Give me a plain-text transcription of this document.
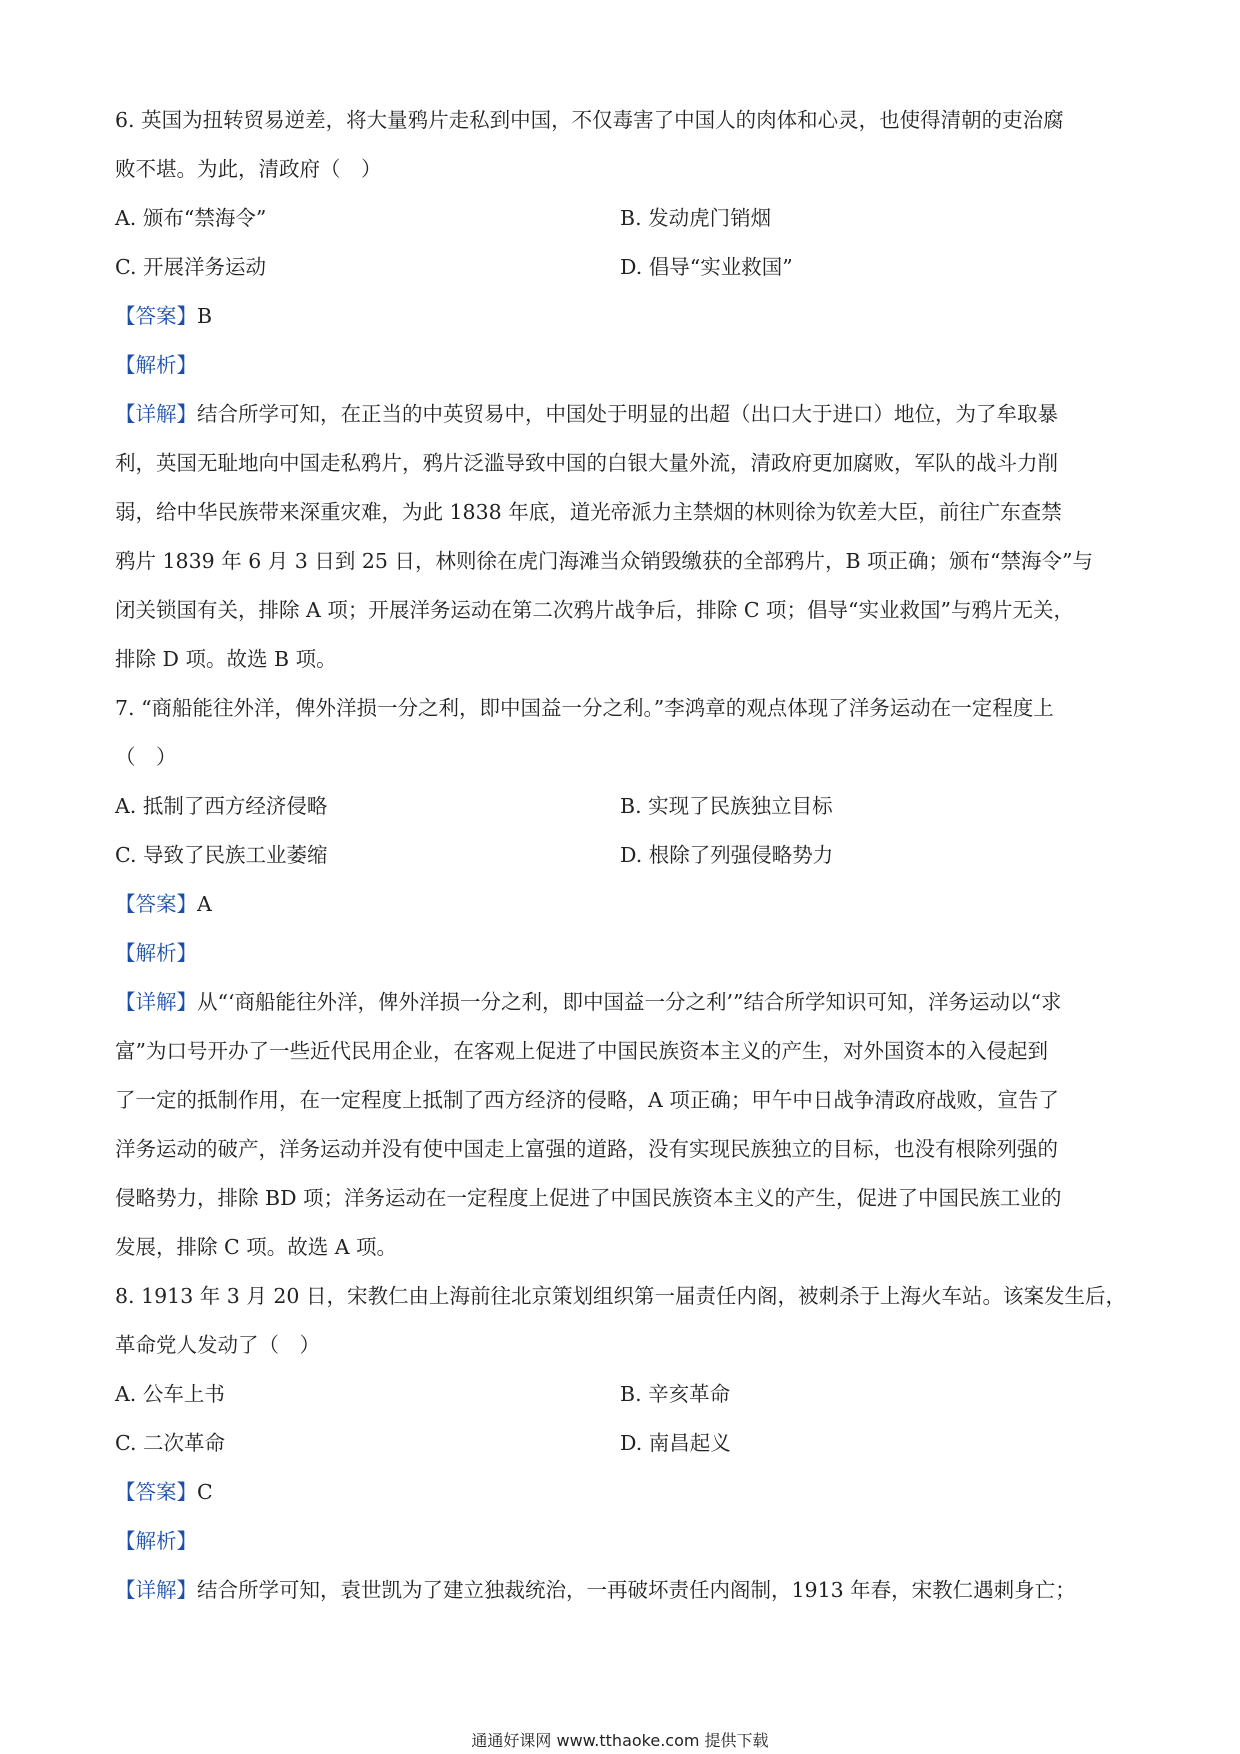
6. 英国为扭转贸易逆差，将大量鸦片走私到中国，不仅毒害了中国人的肉体和心灵，也使得清朝的吏治腐
败不堪。为此，清政府（　）
A. 颁布“禁海令”	B. 发动虎门销烟
C. 开展洋务运动	D. 倡导“实业救国”
【答案】B
【解析】
【详解】结合所学可知，在正当的中英贸易中，中国处于明显的出超（出口大于进口）地位，为了牟取暴
利，英国无耻地向中国走私鸦片，鸦片泛滥导致中国的白银大量外流，清政府更加腐败，军队的战斗力削
弱，给中华民族带来深重灾难，为此 1838 年底，道光帝派力主禁烟的林则徐为钦差大臣，前往广东查禁
鸦片 1839 年 6 月 3 日到 25 日，林则徐在虎门海滩当众销毁缴获的全部鸦片，B 项正确；颁布“禁海令”与
闭关锁国有关，排除 A 项；开展洋务运动在第二次鸦片战争后，排除 C 项；倡导“实业救国”与鸦片无关，
排除 D 项。故选 B 项。
7. “商船能往外洋，俾外洋损一分之利，即中国益一分之利。”李鸿章的观点体现了洋务运动在一定程度上
（　）
A. 抵制了西方经济侵略	B. 实现了民族独立目标
C. 导致了民族工业萎缩	D. 根除了列强侵略势力
【答案】A
【解析】
【详解】从“‘商船能往外洋，俾外洋损一分之利，即中国益一分之利’”结合所学知识可知，洋务运动以“求
富”为口号开办了一些近代民用企业，在客观上促进了中国民族资本主义的产生，对外国资本的入侵起到
了一定的抵制作用，在一定程度上抵制了西方经济的侵略，A 项正确；甲午中日战争清政府战败，宣告了
洋务运动的破产，洋务运动并没有使中国走上富强的道路，没有实现民族独立的目标，也没有根除列强的
侵略势力，排除 BD 项；洋务运动在一定程度上促进了中国民族资本主义的产生，促进了中国民族工业的
发展，排除 C 项。故选 A 项。
8. 1913 年 3 月 20 日，宋教仁由上海前往北京策划组织第一届责任内阁，被刺杀于上海火车站。该案发生后，
革命党人发动了（　）
A. 公车上书	B. 辛亥革命
C. 二次革命	D. 南昌起义
【答案】C
【解析】
【详解】结合所学可知，袁世凯为了建立独裁统治，一再破坏责任内阁制，1913 年春，宋教仁遇刺身亡；
通通好课网 www.tthaoke.com 提供下载
